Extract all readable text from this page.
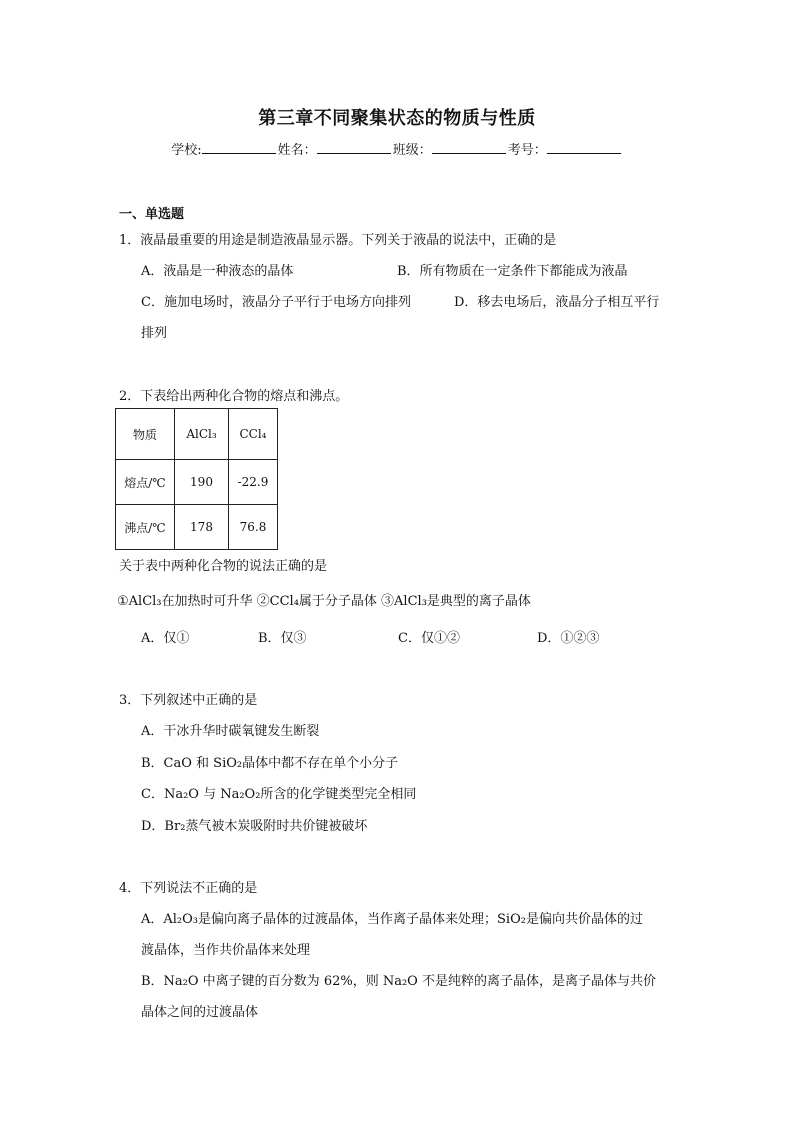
第三章不同聚集状态的物质与性质
学校:	姓名：	班级：	考号：
一、单选题
1．液晶最重要的用途是制造液晶显示器。下列关于液晶的说法中，正确的是
A．液晶是一种液态的晶体	B．所有物质在一定条件下都能成为液晶
C．施加电场时，液晶分子平行于电场方向排列	D．移去电场后，液晶分子相互平行
排列
2．下表给出两种化合物的熔点和沸点。
物质	AlCl₃	CCl₄
熔点/℃	190	-22.9
沸点/℃	178	76.8
关于表中两种化合物的说法正确的是
①AlCl₃在加热时可升华 ②CCl₄属于分子晶体 ③AlCl₃是典型的离子晶体
A．仅①	B．仅③	C．仅①②	D．①②③
3．下列叙述中正确的是
A．干冰升华时碳氧键发生断裂
B．CaO 和 SiO₂晶体中都不存在单个小分子
C．Na₂O 与 Na₂O₂所含的化学键类型完全相同
D．Br₂蒸气被木炭吸附时共价键被破坏
4．下列说法不正确的是
A．Al₂O₃是偏向离子晶体的过渡晶体，当作离子晶体来处理；SiO₂是偏向共价晶体的过
渡晶体，当作共价晶体来处理
B．Na₂O 中离子键的百分数为 62%，则 Na₂O 不是纯粹的离子晶体，是离子晶体与共价
晶体之间的过渡晶体
